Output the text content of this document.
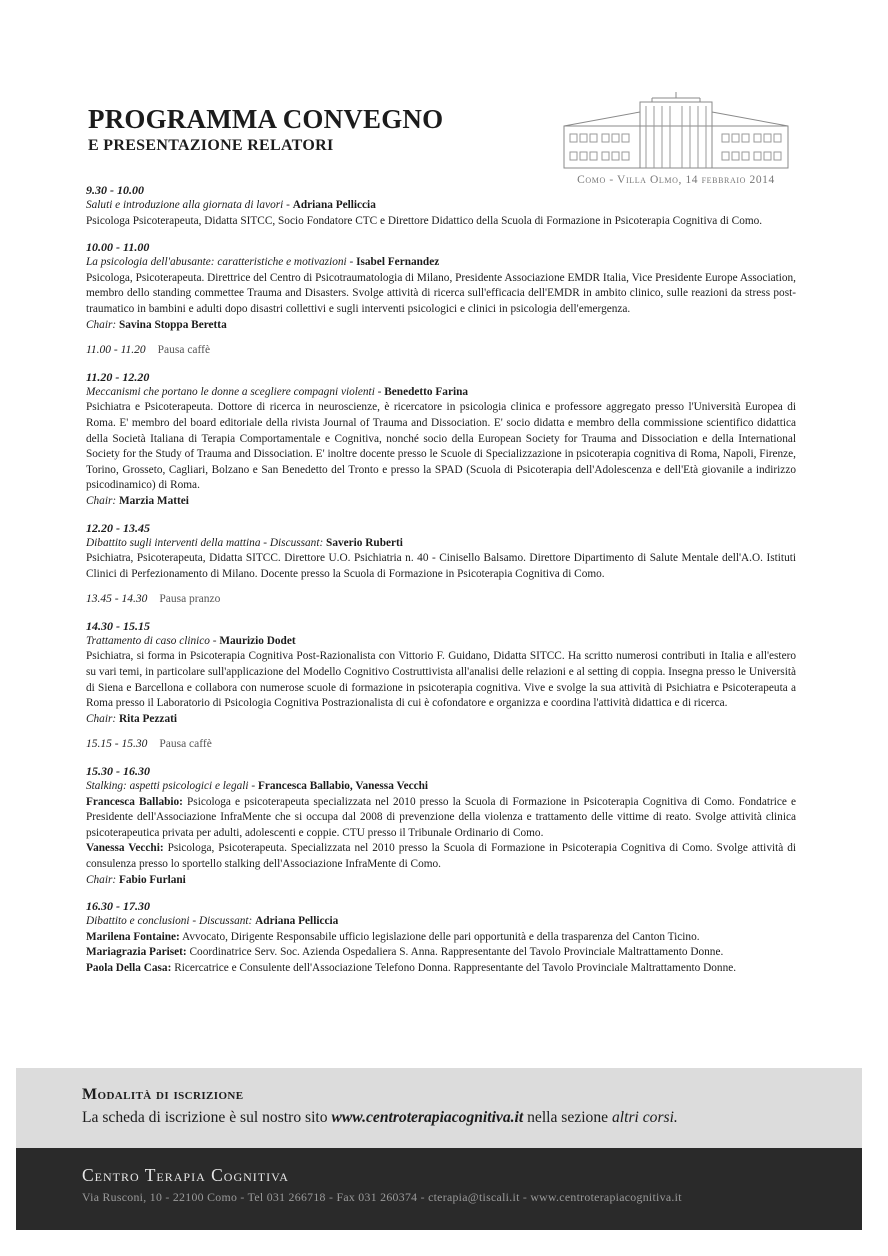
PROGRAMMA CONVEGNO
E PRESENTAZIONE RELATORI
Como - Villa Olmo, 14 febbraio 2014
9.30 - 10.00
Saluti e introduzione alla giornata di lavori - Adriana Pelliccia
Psicologa Psicoterapeuta, Didatta SITCC, Socio Fondatore CTC e Direttore Didattico della Scuola di Formazione in Psicoterapia Cognitiva di Como.
10.00 - 11.00
La psicologia dell'abusante: caratteristiche e motivazioni - Isabel Fernandez
Psicologa, Psicoterapeuta. Direttrice del Centro di Psicotraumatologia di Milano, Presidente Associazione EMDR Italia, Vice Presidente Europe Association, membro dello standing commettee Trauma and Disasters. Svolge attività di ricerca sull'efficacia dell'EMDR in ambito clinico, sulle reazioni da stress post-traumatico in bambini e adulti dopo disastri collettivi e sugli interventi psicologici e clinici in psicologia dell'emergenza.
Chair: Savina Stoppa Beretta
11.00 - 11.20 Pausa caffè
11.20 - 12.20
Meccanismi che portano le donne a scegliere compagni violenti - Benedetto Farina
Psichiatra e Psicoterapeuta. Dottore di ricerca in neuroscienze, è ricercatore in psicologia clinica e professore aggregato presso l'Università Europea di Roma. E' membro del board editoriale della rivista Journal of Trauma and Dissociation. E' socio didatta e membro della commissione scientifico didattica della Società Italiana di Terapia Comportamentale e Cognitiva, nonché socio della European Society for Trauma and Dissociation e della International Society for the Study of Trauma and Dissociation. E' inoltre docente presso le Scuole di Specializzazione in psicoterapia cognitiva di Roma, Napoli, Firenze, Torino, Grosseto, Cagliari, Bolzano e San Benedetto del Tronto e presso la SPAD (Scuola di Psicoterapia dell'Adolescenza e dell'Età giovanile a indirizzo psicodinamico) di Roma.
Chair: Marzia Mattei
12.20 - 13.45
Dibattito sugli interventi della mattina - Discussant: Saverio Ruberti
Psichiatra, Psicoterapeuta, Didatta SITCC. Direttore U.O. Psichiatria n. 40 - Cinisello Balsamo. Direttore Dipartimento di Salute Mentale dell'A.O. Istituti Clinici di Perfezionamento di Milano. Docente presso la Scuola di Formazione in Psicoterapia Cognitiva di Como.
13.45 - 14.30 Pausa pranzo
14.30 - 15.15
Trattamento di caso clinico - Maurizio Dodet
Psichiatra, si forma in Psicoterapia Cognitiva Post-Razionalista con Vittorio F. Guidano, Didatta SITCC. Ha scritto numerosi contributi in Italia e all'estero su vari temi, in particolare sull'applicazione del Modello Cognitivo Costruttivista all'analisi delle relazioni e al setting di coppia. Insegna presso le Università di Siena e Barcellona e collabora con numerose scuole di formazione in psicoterapia cognitiva. Vive e svolge la sua attività di Psichiatra e Psicoterapeuta a Roma presso il Laboratorio di Psicologia Cognitiva Postrazionalista di cui è cofondatore e organizza e coordina l'attività didattica e di ricerca.
Chair: Rita Pezzati
15.15 - 15.30 Pausa caffè
15.30 - 16.30
Stalking: aspetti psicologici e legali - Francesca Ballabio, Vanessa Vecchi
Francesca Ballabio: Psicologa e psicoterapeuta specializzata nel 2010 presso la Scuola di Formazione in Psicoterapia Cognitiva di Como. Fondatrice e Presidente dell'Associazione InfraMente che si occupa dal 2008 di prevenzione della violenza e trattamento delle vittime di reato. Svolge attività clinica psicoterapeutica privata per adulti, adolescenti e coppie. CTU presso il Tribunale Ordinario di Como.
Vanessa Vecchi: Psicologa, Psicoterapeuta. Specializzata nel 2010 presso la Scuola di Formazione in Psicoterapia Cognitiva di Como. Svolge attività di consulenza presso lo sportello stalking dell'Associazione InfraMente di Como.
Chair: Fabio Furlani
16.30 - 17.30
Dibattito e conclusioni - Discussant: Adriana Pelliccia
Marilena Fontaine: Avvocato, Dirigente Responsabile ufficio legislazione delle pari opportunità e della trasparenza del Canton Ticino.
Mariagrazia Pariset: Coordinatrice Serv. Soc. Azienda Ospedaliera S. Anna. Rappresentante del Tavolo Provinciale Maltrattamento Donne.
Paola Della Casa: Ricercatrice e Consulente dell'Associazione Telefono Donna. Rappresentante del Tavolo Provinciale Maltrattamento Donne.
Modalità di iscrizione
La scheda di iscrizione è sul nostro sito www.centroterapiacognitiva.it nella sezione altri corsi.
Centro Terapia Cognitiva
Via Rusconi, 10 - 22100 Como - Tel 031 266718 - Fax 031 260374 - cterapia@tiscali.it - www.centroterapiacognitiva.it
